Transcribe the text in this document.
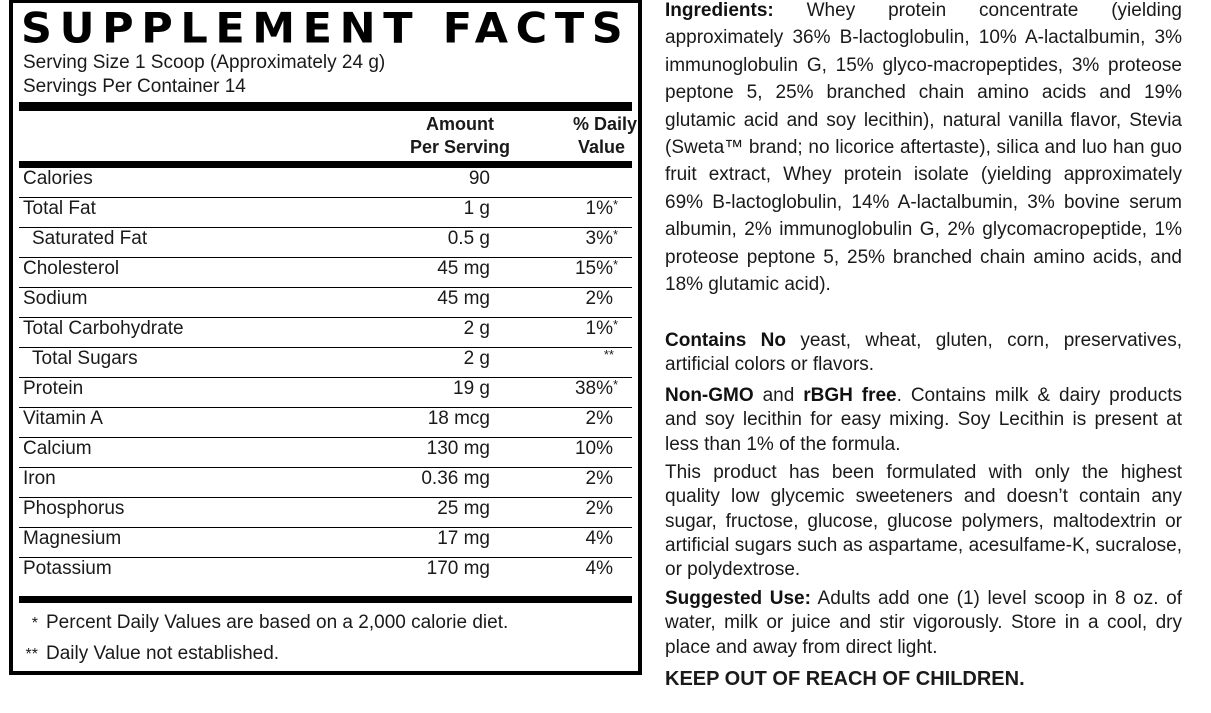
SUPPLEMENT FACTS
Serving Size 1 Scoop (Approximately 24 g)
Servings Per Container 14
Amount
Per Serving
% Daily
Value
Calories	90
Total Fat	1 g	1%*
Saturated Fat	0.5 g	3%*
Cholesterol	45 mg	15%*
Sodium	45 mg	2%
Total Carbohydrate	2 g	1%*
Total Sugars	2 g	**
Protein	19 g	38%*
Vitamin A	18 mcg	2%
Calcium	130 mg	10%
Iron	0.36 mg	2%
Phosphorus	25 mg	2%
Magnesium	17 mg	4%
Potassium	170 mg	4%
* Percent Daily Values are based on a 2,000 calorie diet.
** Daily Value not established.

Ingredients: Whey protein concentrate (yielding approximately 36% B-lactoglobulin, 10% A-lactalbumin, 3% immunoglobulin G, 15% glyco-macropeptides, 3% proteose peptone 5, 25% branched chain amino acids and 19% glutamic acid and soy lecithin), natural vanilla flavor, Stevia (Sweta™ brand; no licorice aftertaste), silica and luo han guo fruit extract, Whey protein isolate (yielding approximately 69% B-lactoglobulin, 14% A-lactalbumin, 3% bovine serum albumin, 2% immunoglobulin G, 2% glycomacropeptide, 1% proteose peptone 5, 25% branched chain amino acids, and 18% glutamic acid).

Contains No yeast, wheat, gluten, corn, preservatives, artificial colors or flavors.

Non-GMO and rBGH free. Contains milk & dairy products and soy lecithin for easy mixing. Soy Lecithin is present at less than 1% of the formula.

This product has been formulated with only the highest quality low glycemic sweeteners and doesn’t contain any sugar, fructose, glucose, glucose polymers, maltodextrin or artificial sugars such as aspartame, acesulfame-K, sucralose, or polydextrose.

Suggested Use: Adults add one (1) level scoop in 8 oz. of water, milk or juice and stir vigorously. Store in a cool, dry place and away from direct light.

KEEP OUT OF REACH OF CHILDREN.
